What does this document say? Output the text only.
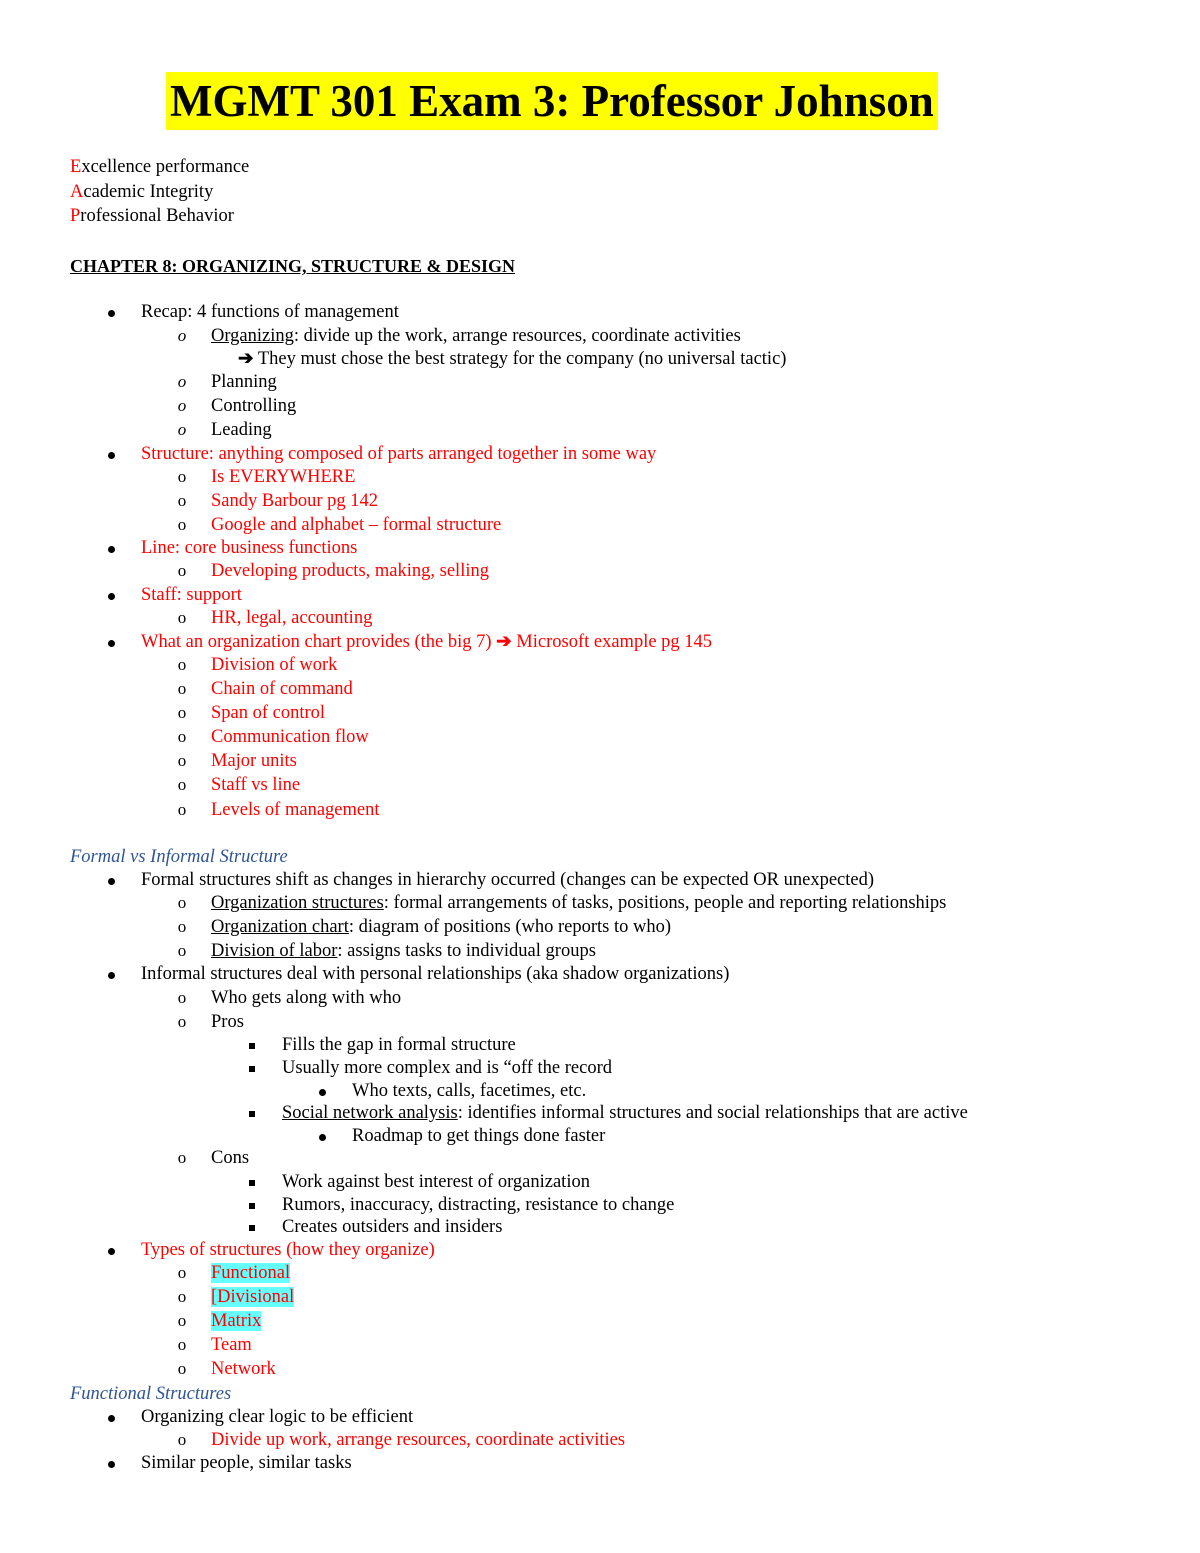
MGMT 301 Exam 3: Professor Johnson
Excellence performance
Academic Integrity
Professional Behavior
CHAPTER 8: ORGANIZING, STRUCTURE & DESIGN
Recap: 4 functions of management
o Organizing: divide up the work, arrange resources, coordinate activities
➔ They must chose the best strategy for the company (no universal tactic)
o Planning
o Controlling
o Leading
Structure: anything composed of parts arranged together in some way
o Is EVERYWHERE
o Sandy Barbour pg 142
o Google and alphabet – formal structure
Line: core business functions
o Developing products, making, selling
Staff: support
o HR, legal, accounting
What an organization chart provides (the big 7) ➔ Microsoft example pg 145
o Division of work
o Chain of command
o Span of control
o Communication flow
o Major units
o Staff vs line
o Levels of management
Formal vs Informal Structure
Formal structures shift as changes in hierarchy occurred (changes can be expected OR unexpected)
o Organization structures: formal arrangements of tasks, positions, people and reporting relationships
o Organization chart: diagram of positions (who reports to who)
o Division of labor: assigns tasks to individual groups
Informal structures deal with personal relationships (aka shadow organizations)
o Who gets along with who
o Pros
Fills the gap in formal structure
Usually more complex and is “off the record
Who texts, calls, facetimes, etc.
Social network analysis: identifies informal structures and social relationships that are active
Roadmap to get things done faster
o Cons
Work against best interest of organization
Rumors, inaccuracy, distracting, resistance to change
Creates outsiders and insiders
Types of structures (how they organize)
o Functional
o [Divisional
o Matrix
o Team
o Network
Functional Structures
Organizing clear logic to be efficient
o Divide up work, arrange resources, coordinate activities
Similar people, similar tasks
